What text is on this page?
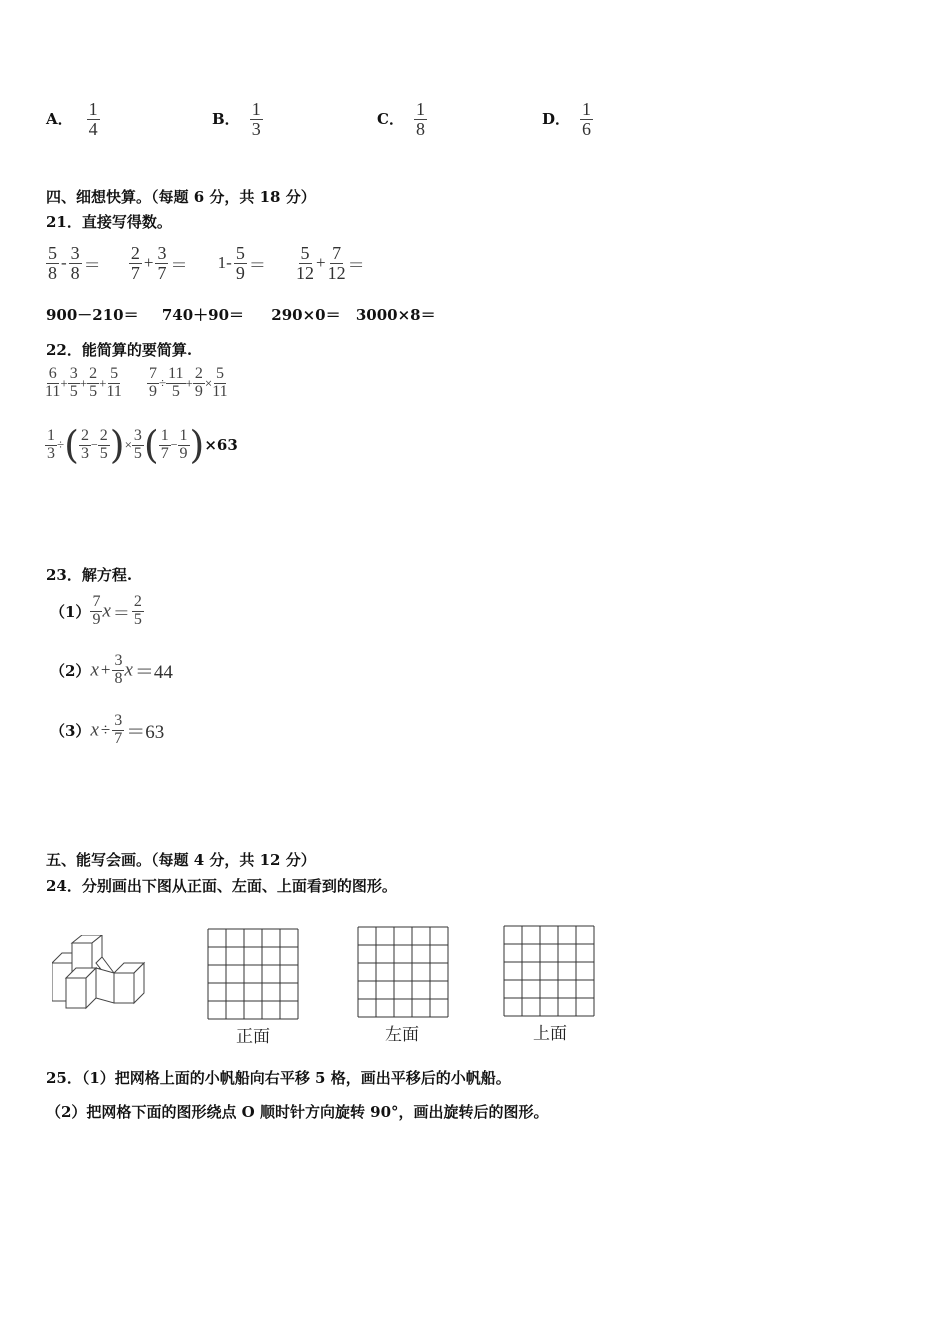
A． $\frac{1}{4}$	B． $\frac{1}{3}$	C． $\frac{1}{8}$	D． $\frac{1}{6}$
四、细想快算。（每题 6 分，共 18 分）
21．直接写得数。
$\frac{5}{8} - \frac{3}{8} = \frac{2}{7} + \frac{3}{7} = 1- \frac{5}{9} = \frac{5}{12} + \frac{7}{12}$ ＝
900－210＝ 740＋90＝ 290×0＝ 3000×8＝
22．能简算的要简算.
$\frac{6}{11} + \frac{3}{5} + \frac{2}{5} + \frac{5}{11} \frac{7}{9} \div \frac{11}{5} + \frac{2}{9} \times \frac{5}{11}$
$\frac{1}{3}$ ÷( $\frac{2}{3} - \frac{2}{5}$ )× $\frac{3}{5}$ ( $\frac{1}{7} - \frac{1}{9} )\times 63$
23．解方程.
$(1) \frac{7}{9}$ $x = \frac{2}{5}$
$(2)x + \frac{3}{8}$ x ＝44
$(3)x \div \frac{3}{7} =63$
五、能写会画。（每题 4 分，共 12 分）
24．分别画出下图从正面、左面、上面看到的图形。
正面	左面	上面
25．（1）把网格上面的小帆船向右平移 5 格，画出平移后的小帆船。
（2）把网格下面的图形绕点 O 顺时针方向旋转 90°，画出旋转后的图形。
